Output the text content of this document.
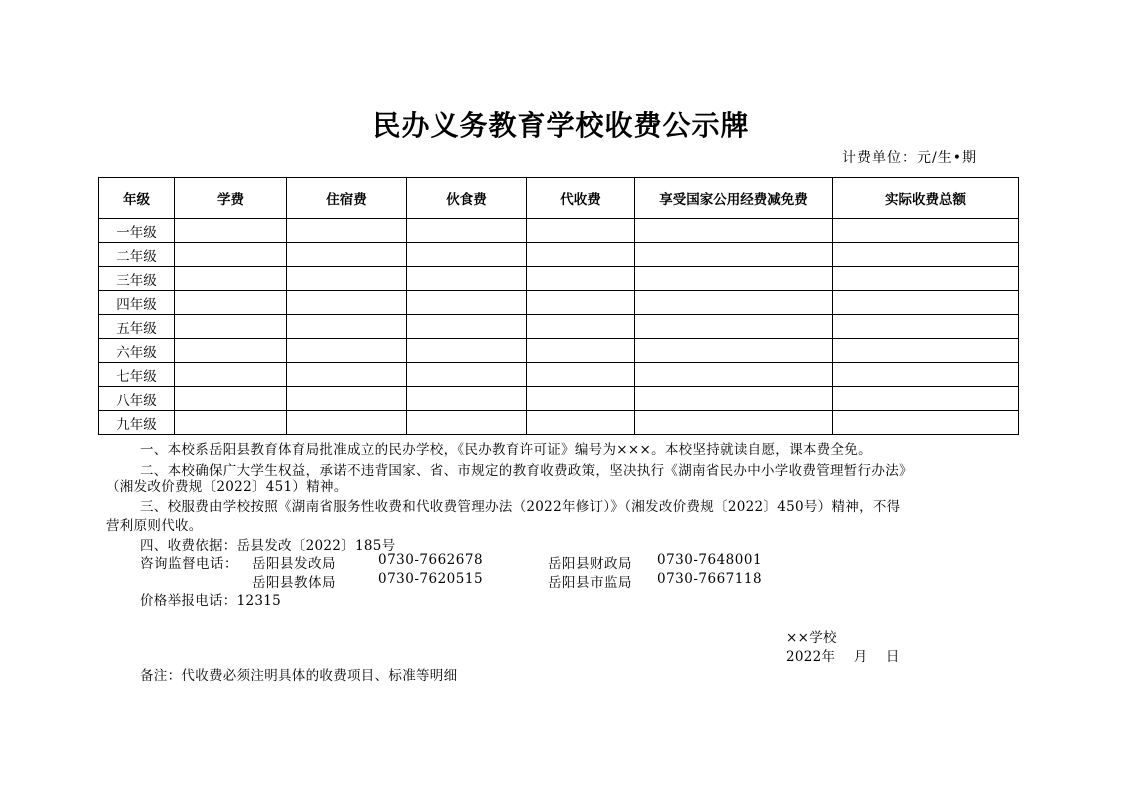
民办义务教育学校收费公示牌
计费单位：元/生•期
年级	学费	住宿费	伙食费	代收费	享受国家公用经费减免费	实际收费总额
一年级						
二年级						
三年级						
四年级						
五年级						
六年级						
七年级						
八年级						
九年级						
一、本校系岳阳县教育体育局批准成立的民办学校，《民办教育许可证》编号为×××。本校坚持就读自愿，课本费全免。
二、本校确保广大学生权益，承诺不违背国家、省、市规定的教育收费政策，坚决执行《湖南省民办中小学收费管理暂行办法》
（湘发改价费规〔2022〕451）精神。
三、校服费由学校按照《湖南省服务性收费和代收费管理办法（2022年修订）》（湘发改价费规〔2022〕450号）精神，不得
营利原则代收。
四、收费依据：岳县发改〔2022〕185号
咨询监督电话： 岳阳县发改局	0730-7662678	岳阳县财政局 0730-7648001
岳阳县教体局	0730-7620515	岳阳县市监局 0730-7667118
价格举报电话：12315
××学校
2022年    月    日
备注：代收费必须注明具体的收费项目、标准等明细
